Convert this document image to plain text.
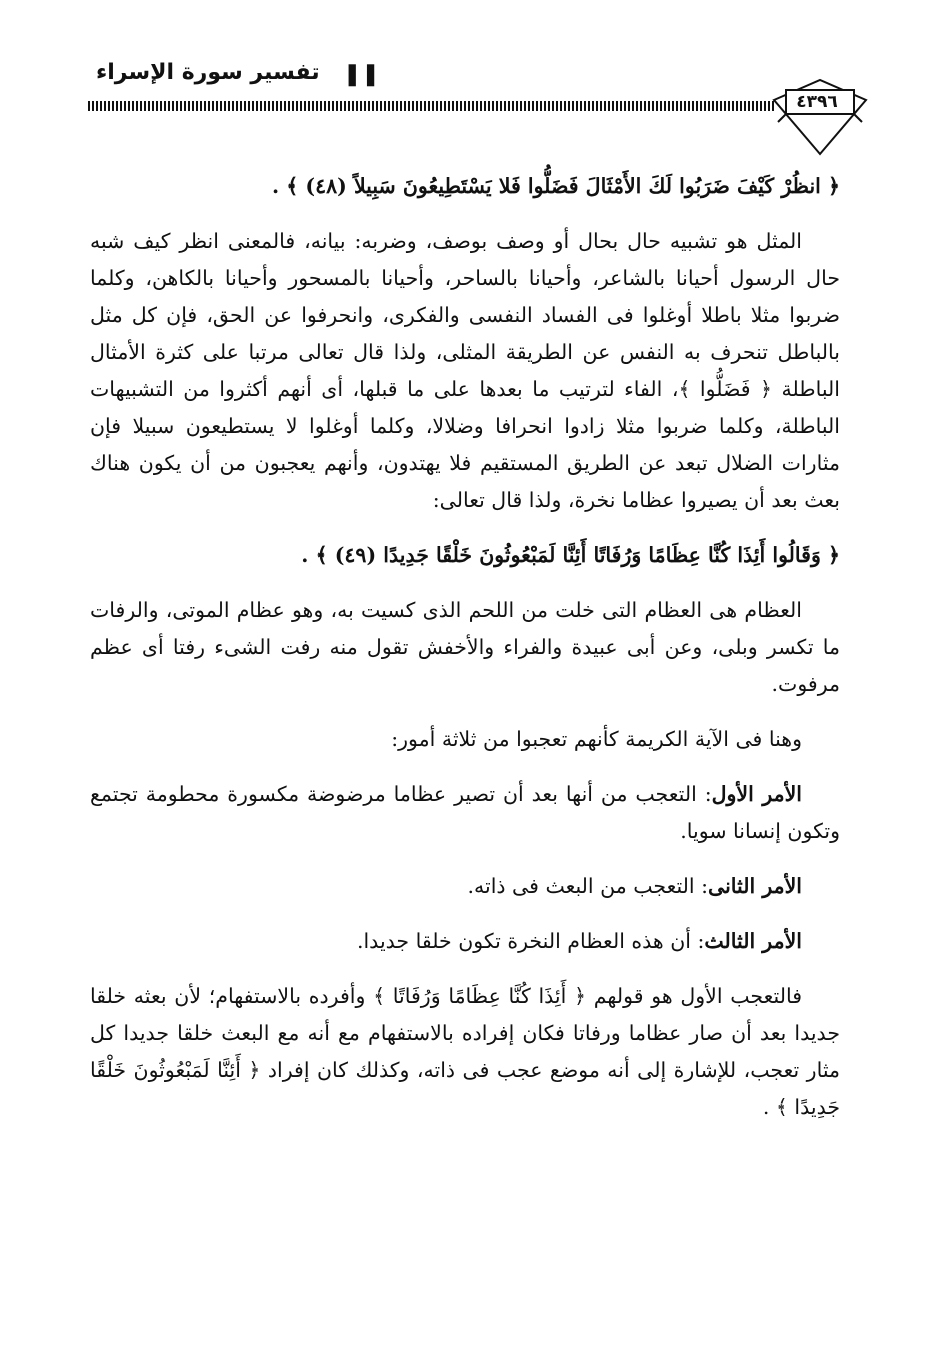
تفسير سورة الإسراء ❚❚
٤٣٩٦

﴿ انظُرْ كَيْفَ ضَرَبُوا لَكَ الأَمْثَالَ فَضَلُّوا فَلا يَسْتَطِيعُونَ سَبِيلاً (٤٨) ﴾ .

المثل هو تشبيه حال بحال أو وصف بوصف، وضربه: بيانه، فالمعنى انظر كيف شبه حال الرسول أحيانا بالشاعر، وأحيانا بالساحر، وأحيانا بالمسحور وأحيانا بالكاهن، وكلما ضربوا مثلا باطلا أوغلوا فى الفساد النفسى والفكرى، وانحرفوا عن الحق، فإن كل مثل بالباطل تنحرف به النفس عن الطريقة المثلى، ولذا قال تعالى مرتبا على كثرة الأمثال الباطلة ﴿ فَضَلُّوا ﴾، الفاء لترتيب ما بعدها على ما قبلها، أى أنهم أكثروا من التشبيهات الباطلة، وكلما ضربوا مثلا زادوا انحرافا وضلالا، وكلما أوغلوا لا يستطيعون سبيلا فإن مثارات الضلال تبعد عن الطريق المستقيم فلا يهتدون، وأنهم يعجبون من أن يكون هناك بعث بعد أن يصيروا عظاما نخرة، ولذا قال تعالى:

﴿ وَقَالُوا أَئِذَا كُنَّا عِظَامًا وَرُفَاتًا أَئِنَّا لَمَبْعُوثُونَ خَلْقًا جَدِيدًا (٤٩) ﴾ .

العظام هى العظام التى خلت من اللحم الذى كسيت به، وهو عظام الموتى، والرفات ما تكسر وبلى، وعن أبى عبيدة والفراء والأخفش تقول منه رفت الشىء رفتا أى عظم مرفوت.

وهنا فى الآية الكريمة كأنهم تعجبوا من ثلاثة أمور:

الأمر الأول: التعجب من أنها بعد أن تصير عظاما مرضوضة مكسورة محطومة تجتمع وتكون إنسانا سويا.

الأمر الثانى: التعجب من البعث فى ذاته.

الأمر الثالث: أن هذه العظام النخرة تكون خلقا جديدا.

فالتعجب الأول هو قولهم ﴿ أَئِذَا كُنَّا عِظَامًا وَرُفَاتًا ﴾ وأفرده بالاستفهام؛ لأن بعثه خلقا جديدا بعد أن صار عظاما ورفاتا فكان إفراده بالاستفهام مع أنه مع البعث خلقا جديدا كل مثار تعجب، للإشارة إلى أنه موضع عجب فى ذاته، وكذلك كان إفراد ﴿ أَئِنَّا لَمَبْعُوثُونَ خَلْقًا جَدِيدًا ﴾ .
